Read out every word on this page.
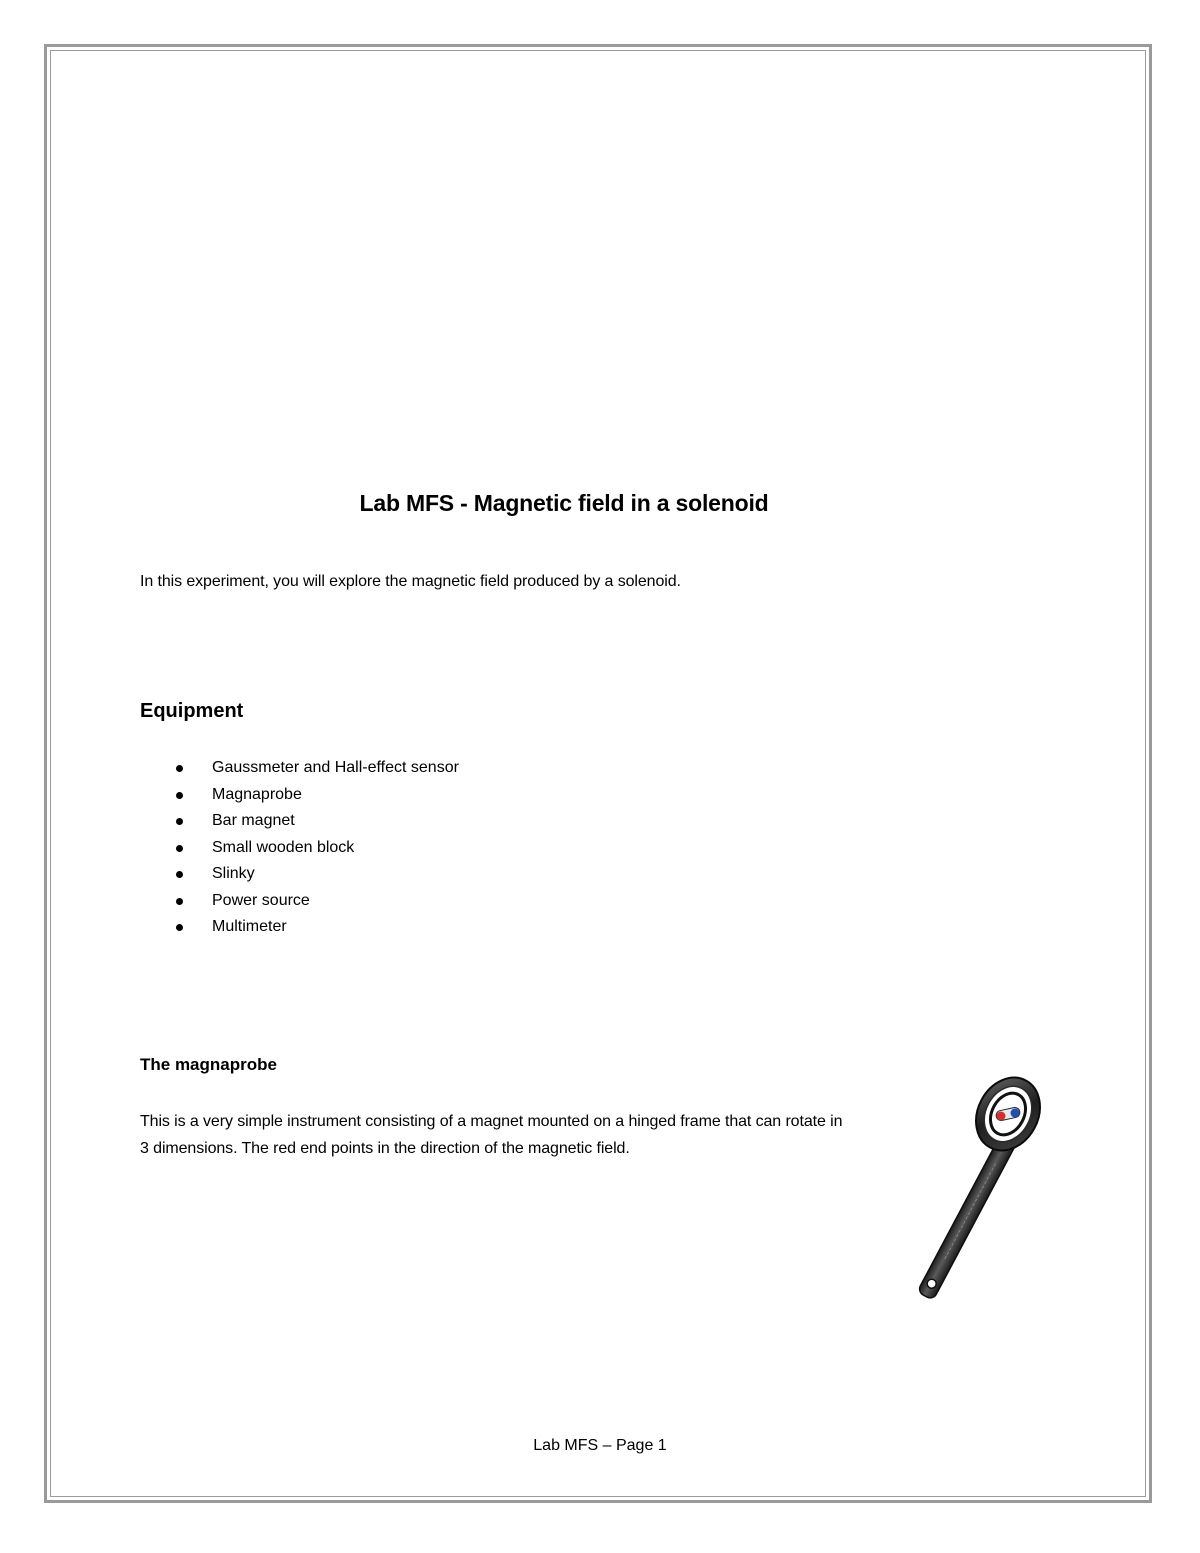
Lab MFS - Magnetic field in a solenoid
In this experiment, you will explore the magnetic field produced by a solenoid.
Equipment
Gaussmeter and Hall-effect sensor
Magnaprobe
Bar magnet
Small wooden block
Slinky
Power source
Multimeter
The magnaprobe
This is a very simple instrument consisting of a magnet mounted on a hinged frame that can rotate in 3 dimensions. The red end points in the direction of the magnetic field.
Lab MFS – Page 1
